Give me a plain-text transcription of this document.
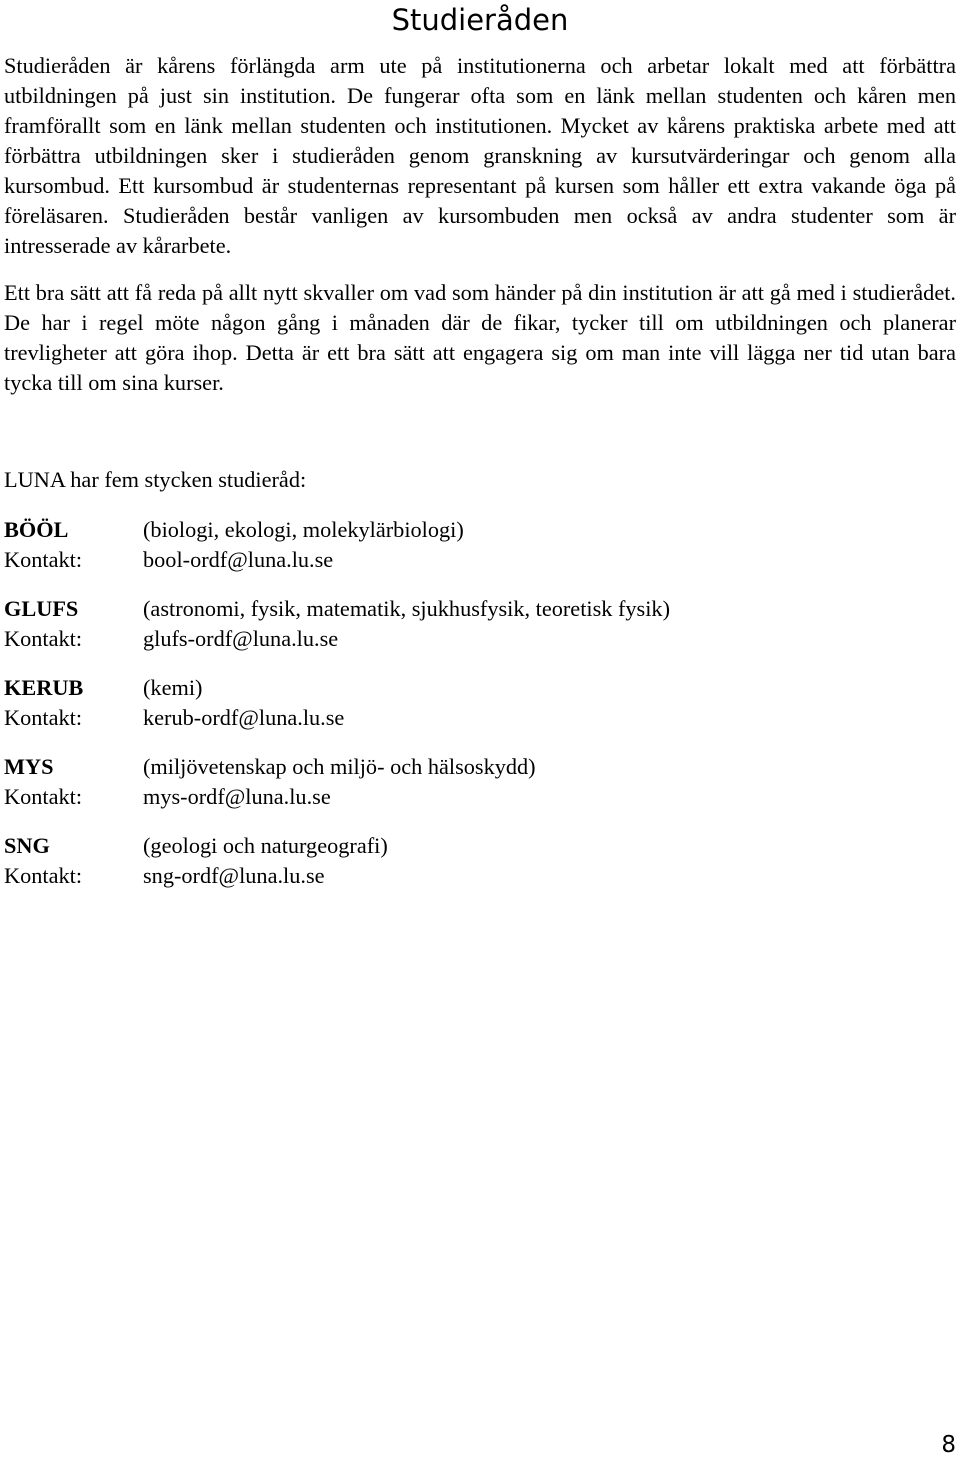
Studieråden

Studieråden är kårens förlängda arm ute på institutionerna och arbetar lokalt med att förbättra utbildningen på just sin institution. De fungerar ofta som en länk mellan studenten och kåren men framförallt som en länk mellan studenten och institutionen. Mycket av kårens praktiska arbete med att förbättra utbildningen sker i studieråden genom granskning av kursutvärderingar och genom alla kursombud. Ett kursombud är studenternas representant på kursen som håller ett extra vakande öga på föreläsaren. Studieråden består vanligen av kursombuden men också av andra studenter som är intresserade av kårarbete.

Ett bra sätt att få reda på allt nytt skvaller om vad som händer på din institution är att gå med i studierådet. De har i regel möte någon gång i månaden där de fikar, tycker till om utbildningen och planerar trevligheter att göra ihop. Detta är ett bra sätt att engagera sig om man inte vill lägga ner tid utan bara tycka till om sina kurser.

LUNA har fem stycken studieråd:

BÖÖL	(biologi, ekologi, molekylärbiologi)
Kontakt:	bool-ordf@luna.lu.se
GLUFS	(astronomi, fysik, matematik, sjukhusfysik, teoretisk fysik)
Kontakt:	glufs-ordf@luna.lu.se
KERUB	(kemi)
Kontakt:	kerub-ordf@luna.lu.se
MYS	(miljövetenskap och miljö- och hälsoskydd)
Kontakt:	mys-ordf@luna.lu.se
SNG	(geologi och naturgeografi)
Kontakt:	sng-ordf@luna.lu.se
8
